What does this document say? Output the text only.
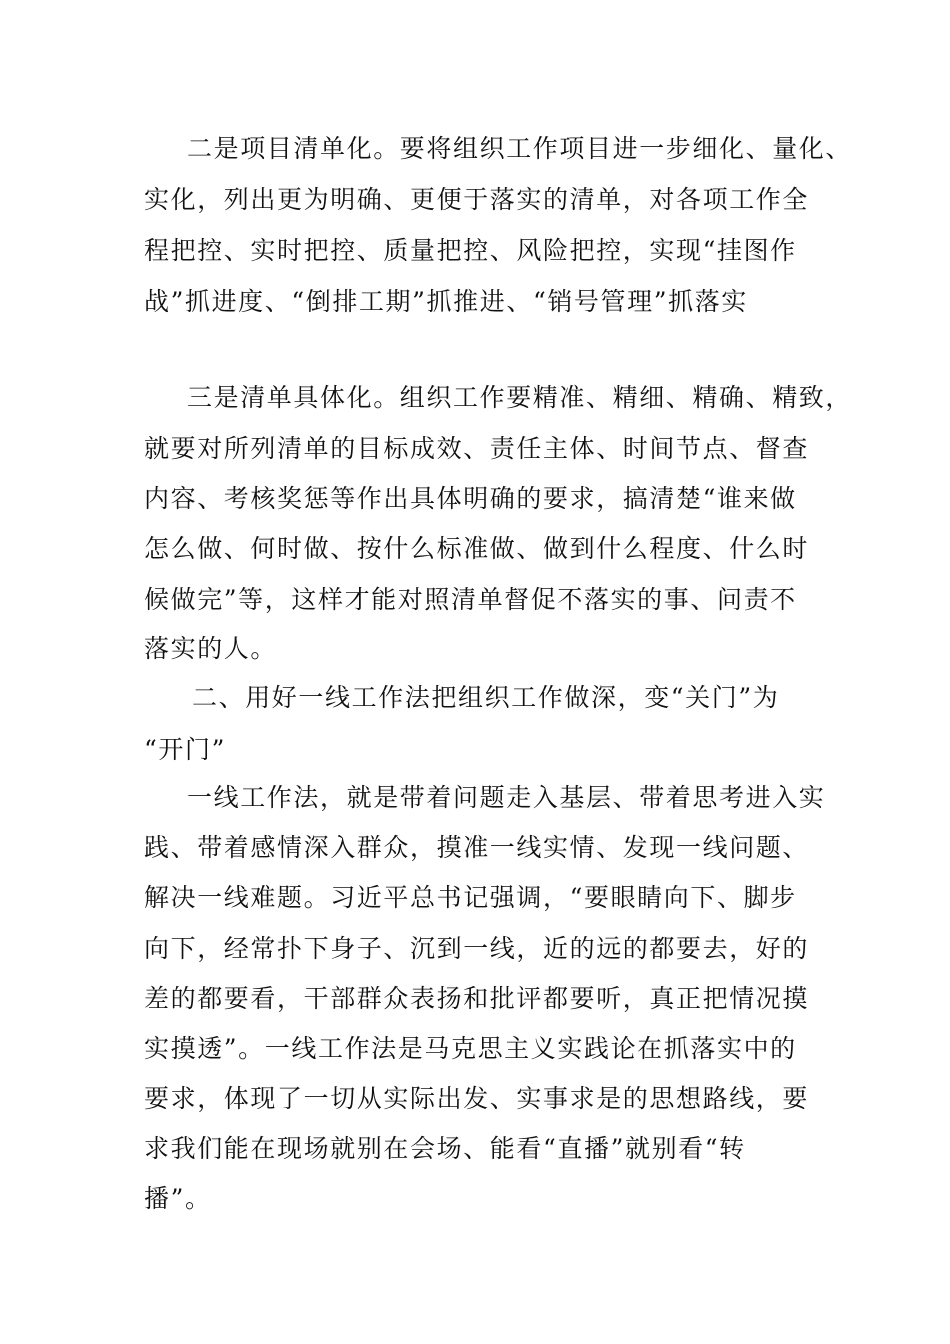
二是项目清单化。要将组织工作项目进一步细化、量化、

实化，列出更为明确、更便于落实的清单，对各项工作全

程把控、实时把控、质量把控、风险把控，实现“挂图作

战”抓进度、“倒排工期”抓推进、“销号管理”抓落实

三是清单具体化。组织工作要精准、精细、精确、精致，

就要对所列清单的目标成效、责任主体、时间节点、督查

内容、考核奖惩等作出具体明确的要求，搞清楚“谁来做

怎么做、何时做、按什么标准做、做到什么程度、什么时

候做完”等，这样才能对照清单督促不落实的事、问责不

落实的人。

二、用好一线工作法把组织工作做深，变“关门”为

“开门”

一线工作法，就是带着问题走入基层、带着思考进入实

践、带着感情深入群众，摸准一线实情、发现一线问题、

解决一线难题。习近平总书记强调，“要眼睛向下、脚步

向下，经常扑下身子、沉到一线，近的远的都要去，好的

差的都要看，干部群众表扬和批评都要听，真正把情况摸

实摸透”。一线工作法是马克思主义实践论在抓落实中的

要求，体现了一切从实际出发、实事求是的思想路线，要

求我们能在现场就别在会场、能看“直播”就别看“转

播”。
